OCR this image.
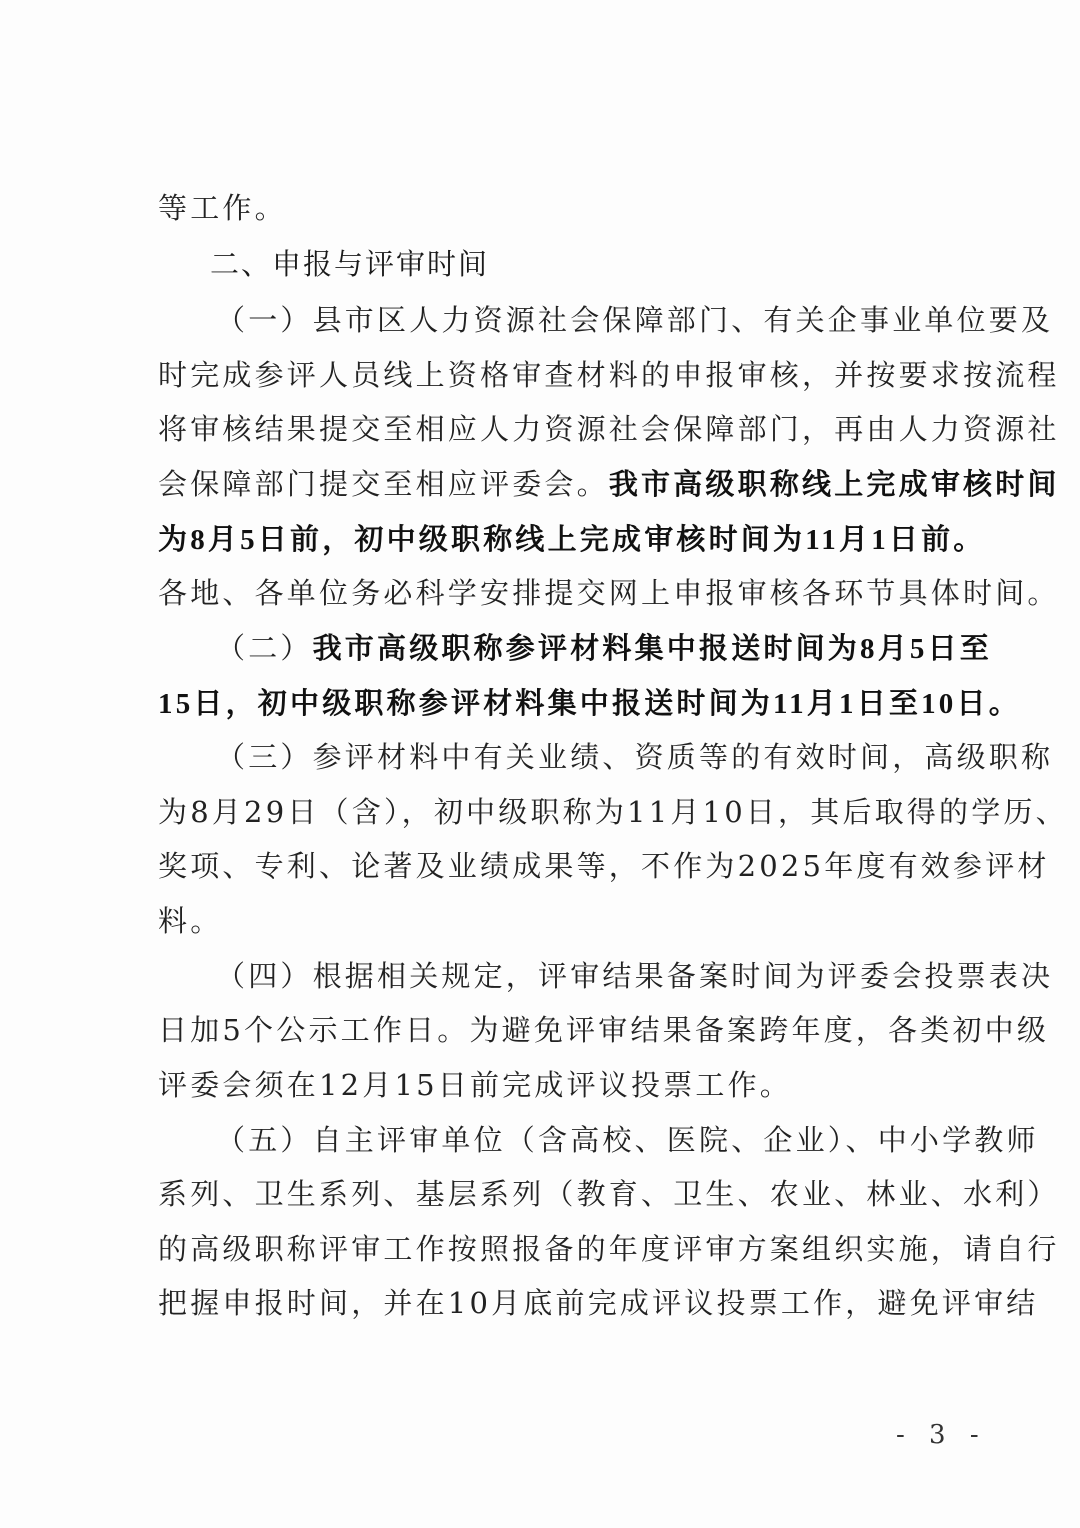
等工作。
二、申报与评审时间
（一）县市区人力资源社会保障部门、有关企事业单位要及
时完成参评人员线上资格审查材料的申报审核，并按要求按流程
将审核结果提交至相应人力资源社会保障部门，再由人力资源社
会保障部门提交至相应评委会。我市高级职称线上完成审核时间
为8月5日前，初中级职称线上完成审核时间为11月1日前。
各地、各单位务必科学安排提交网上申报审核各环节具体时间。
（二）我市高级职称参评材料集中报送时间为8月5日至
15日，初中级职称参评材料集中报送时间为11月1日至10日。
（三）参评材料中有关业绩、资质等的有效时间，高级职称
为8月29日（含），初中级职称为11月10日，其后取得的学历、
奖项、专利、论著及业绩成果等，不作为2025年度有效参评材
料。
（四）根据相关规定，评审结果备案时间为评委会投票表决
日加5个公示工作日。为避免评审结果备案跨年度，各类初中级
评委会须在12月15日前完成评议投票工作。
（五）自主评审单位（含高校、医院、企业）、中小学教师
系列、卫生系列、基层系列（教育、卫生、农业、林业、水利）
的高级职称评审工作按照报备的年度评审方案组织实施，请自行
把握申报时间，并在10月底前完成评议投票工作，避免评审结
- 3 -
